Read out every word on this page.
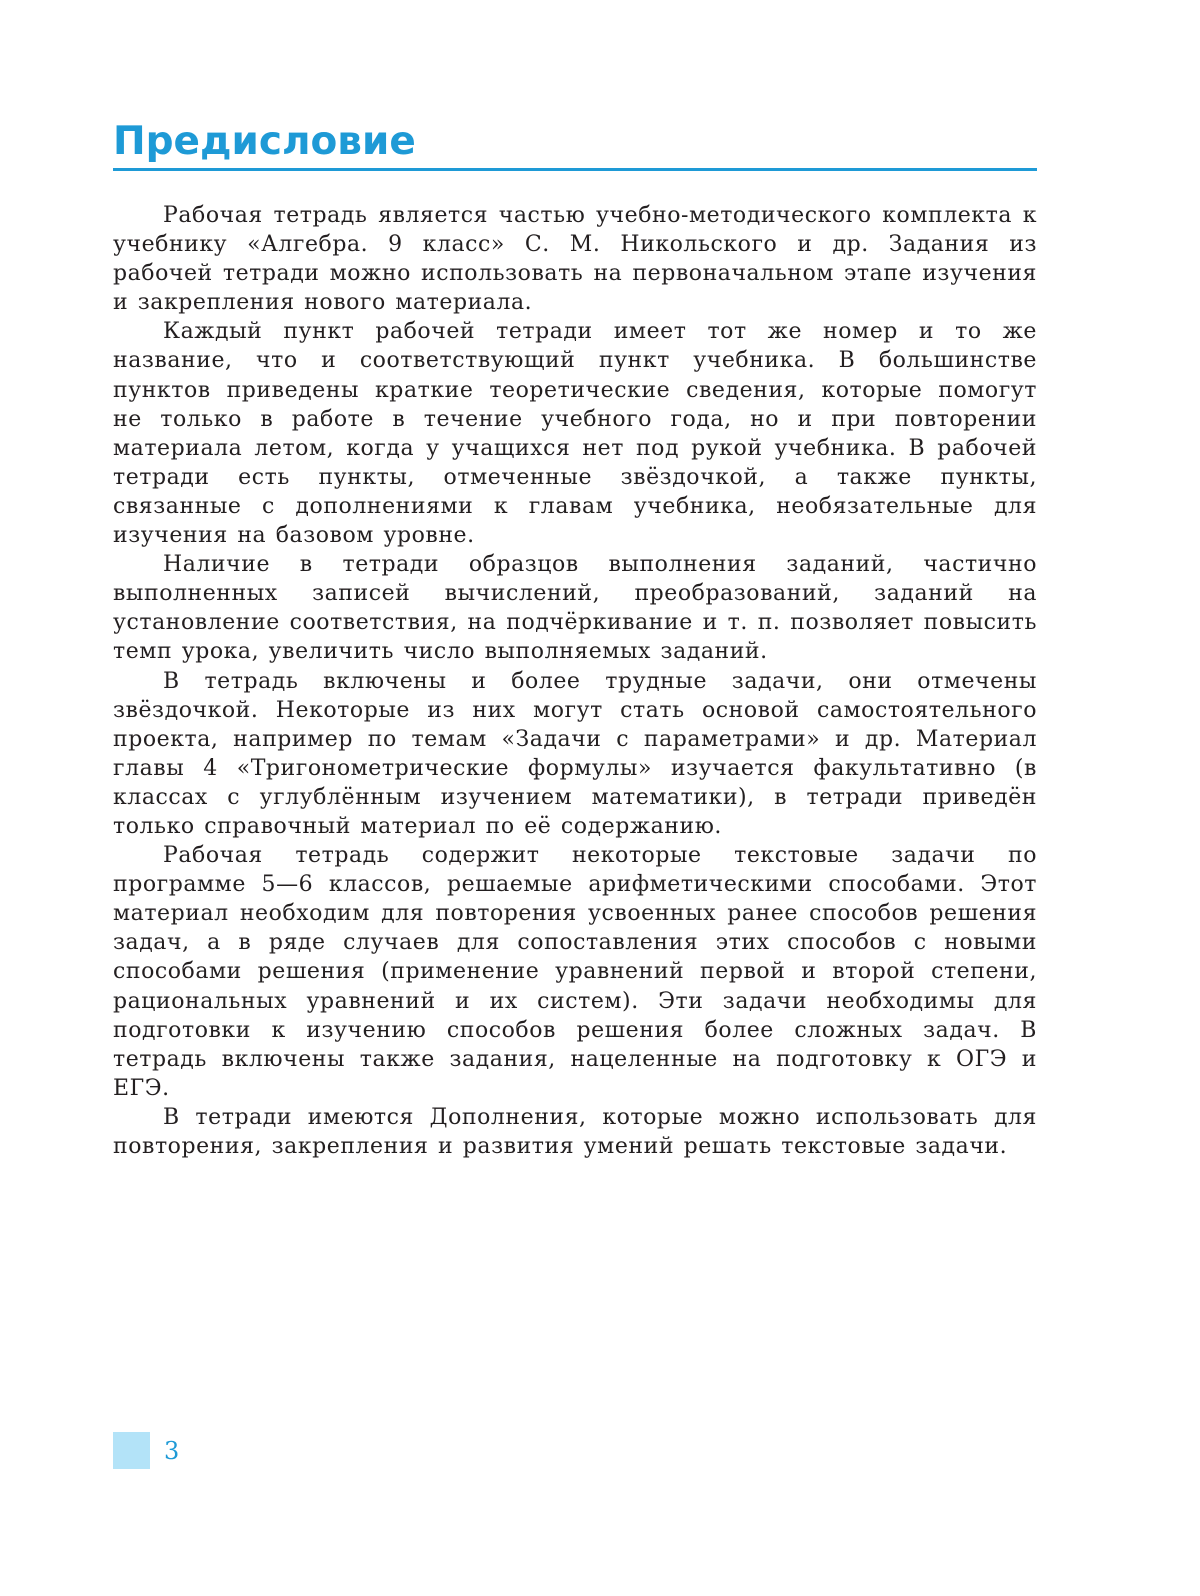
Предисловие

Рабочая тетрадь является частью учебно-методического комплекта к учебнику «Алгебра. 9 класс» С. М. Никольского и др. Задания из рабочей тетради можно использовать на первоначальном этапе изучения и закрепления нового материала.

Каждый пункт рабочей тетради имеет тот же номер и то же название, что и соответствующий пункт учебника. В большинстве пунктов приведены краткие теоретические сведения, которые помогут не только в работе в течение учебного года, но и при повторении материала летом, когда у учащихся нет под рукой учебника. В рабочей тетради есть пункты, отмеченные звёздочкой, а также пункты, связанные с дополнениями к главам учебника, необязательные для изучения на базовом уровне.

Наличие в тетради образцов выполнения заданий, частично выполненных записей вычислений, преобразований, заданий на установление соответствия, на подчёркивание и т. п. позволяет повысить темп урока, увеличить число выполняемых заданий.

В тетрадь включены и более трудные задачи, они отмечены звёздочкой. Некоторые из них могут стать основой самостоятельного проекта, например по темам «Задачи с параметрами» и др. Материал главы 4 «Тригонометрические формулы» изучается факультативно (в классах с углублённым изучением математики), в тетради приведён только справочный материал по её содержанию.

Рабочая тетрадь содержит некоторые текстовые задачи по программе 5—6 классов, решаемые арифметическими способами. Этот материал необходим для повторения усвоенных ранее способов решения задач, а в ряде случаев для сопоставления этих способов с новыми способами решения (применение уравнений первой и второй степени, рациональных уравнений и их систем). Эти задачи необходимы для подготовки к изучению способов решения более сложных задач. В тетрадь включены также задания, нацеленные на подготовку к ОГЭ и ЕГЭ.

В тетради имеются Дополнения, которые можно использовать для повторения, закрепления и развития умений решать текстовые задачи.

3
